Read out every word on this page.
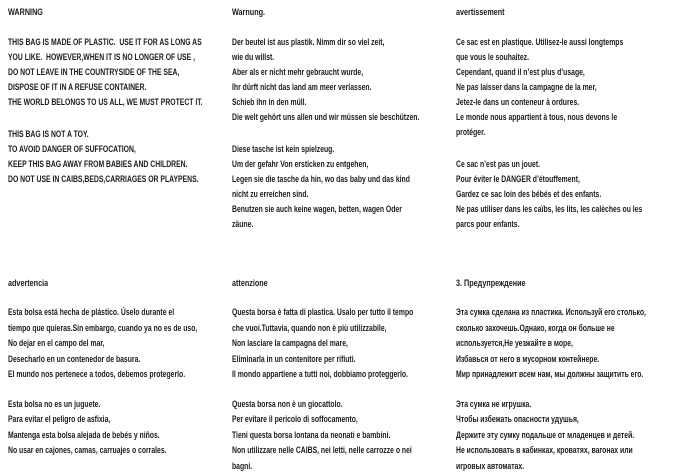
WARNING
THIS BAG IS MADE OF PLASTIC.  USE IT FOR AS LONG AS
YOU LIKE.  HOWEVER,WHEN IT IS NO LONGER OF USE ,
DO NOT LEAVE IN THE COUNTRYSIDE OF THE SEA,
DISPOSE OF IT IN A REFUSE CONTAINER.
THE WORLD BELONGS TO US ALL, WE MUST PROTECT IT.
THIS BAG IS NOT A TOY.
TO AVOID DANGER OF SUFFOCATION,
KEEP THIS BAG AWAY FROM BABIES AND CHILDREN.
DO NOT USE IN CAIBS,BEDS,CARRIAGES OR PLAYPENS.
Warnung.
Der beutel ist aus plastik. Nimm dir so viel zeit,
wie du willst.
Aber als er nicht mehr gebraucht wurde,
Ihr dürft nicht das land am meer verlassen.
Schieb ihn in den müll.
Die welt gehört uns allen und wir müssen sie beschützen.
Diese tasche ist kein spielzeug.
Um der gefahr Von ersticken zu entgehen,
Legen sie die tasche da hin, wo das baby und das kind
nicht zu erreichen sind.
Benutzen sie auch keine wagen, betten, wagen Oder
zäune.
avertissement
Ce sac est en plastique. Utilisez-le aussi longtemps
que vous le souhaitez.
Cependant, quand il n’est plus d’usage,
Ne pas laisser dans la campagne de la mer,
Jetez-le dans un conteneur à ordures.
Le monde nous appartient à tous, nous devons le
protéger.
Ce sac n’est pas un jouet.
Pour éviter le DANGER d’étouffement,
Gardez ce sac loin des bébés et des enfants.
Ne pas utiliser dans les caïbs, les lits, les calèches ou les
parcs pour enfants.
advertencia
Esta bolsa está hecha de plástico. Úselo durante el
tiempo que quieras.Sin embargo, cuando ya no es de uso,
No dejar en el campo del mar,
Desecharlo en un contenedor de basura.
El mundo nos pertenece a todos, debemos protegerlo.
Esta bolsa no es un juguete.
Para evitar el peligro de asfixia,
Mantenga esta bolsa alejada de bebés y niños.
No usar en cajones, camas, carruajes o corrales.
attenzione
Questa borsa è fatta di plastica. Usalo per tutto il tempo
che vuoi.Tuttavia, quando non è più utilizzabile,
Non lasciare la campagna del mare,
Eliminarla in un contenitore per rifiuti.
Il mondo appartiene a tutti noi, dobbiamo proteggerlo.
Questa borsa non è un giocattolo.
Per evitare il pericolo di soffocamento,
Tieni questa borsa lontana da neonati e bambini.
Non utilizzare nelle CAIBS, nei letti, nelle carrozze o nei
bagni.
3. Предупреждение
Эта сумка сделана из пластика. Используй его столько,
сколько захочешь.Однако, когда он больше не
используется,Не уезжайте в море,
Избавься от него в мусорном контейнере.
Мир принадлежит всем нам, мы должны защитить его.
Эта сумка не игрушка.
Чтобы избежать опасности удушья,
Держите эту сумку подальше от младенцев и детей.
Не использовать в кабинках, кроватях, вагонах или
игровых автоматах.
